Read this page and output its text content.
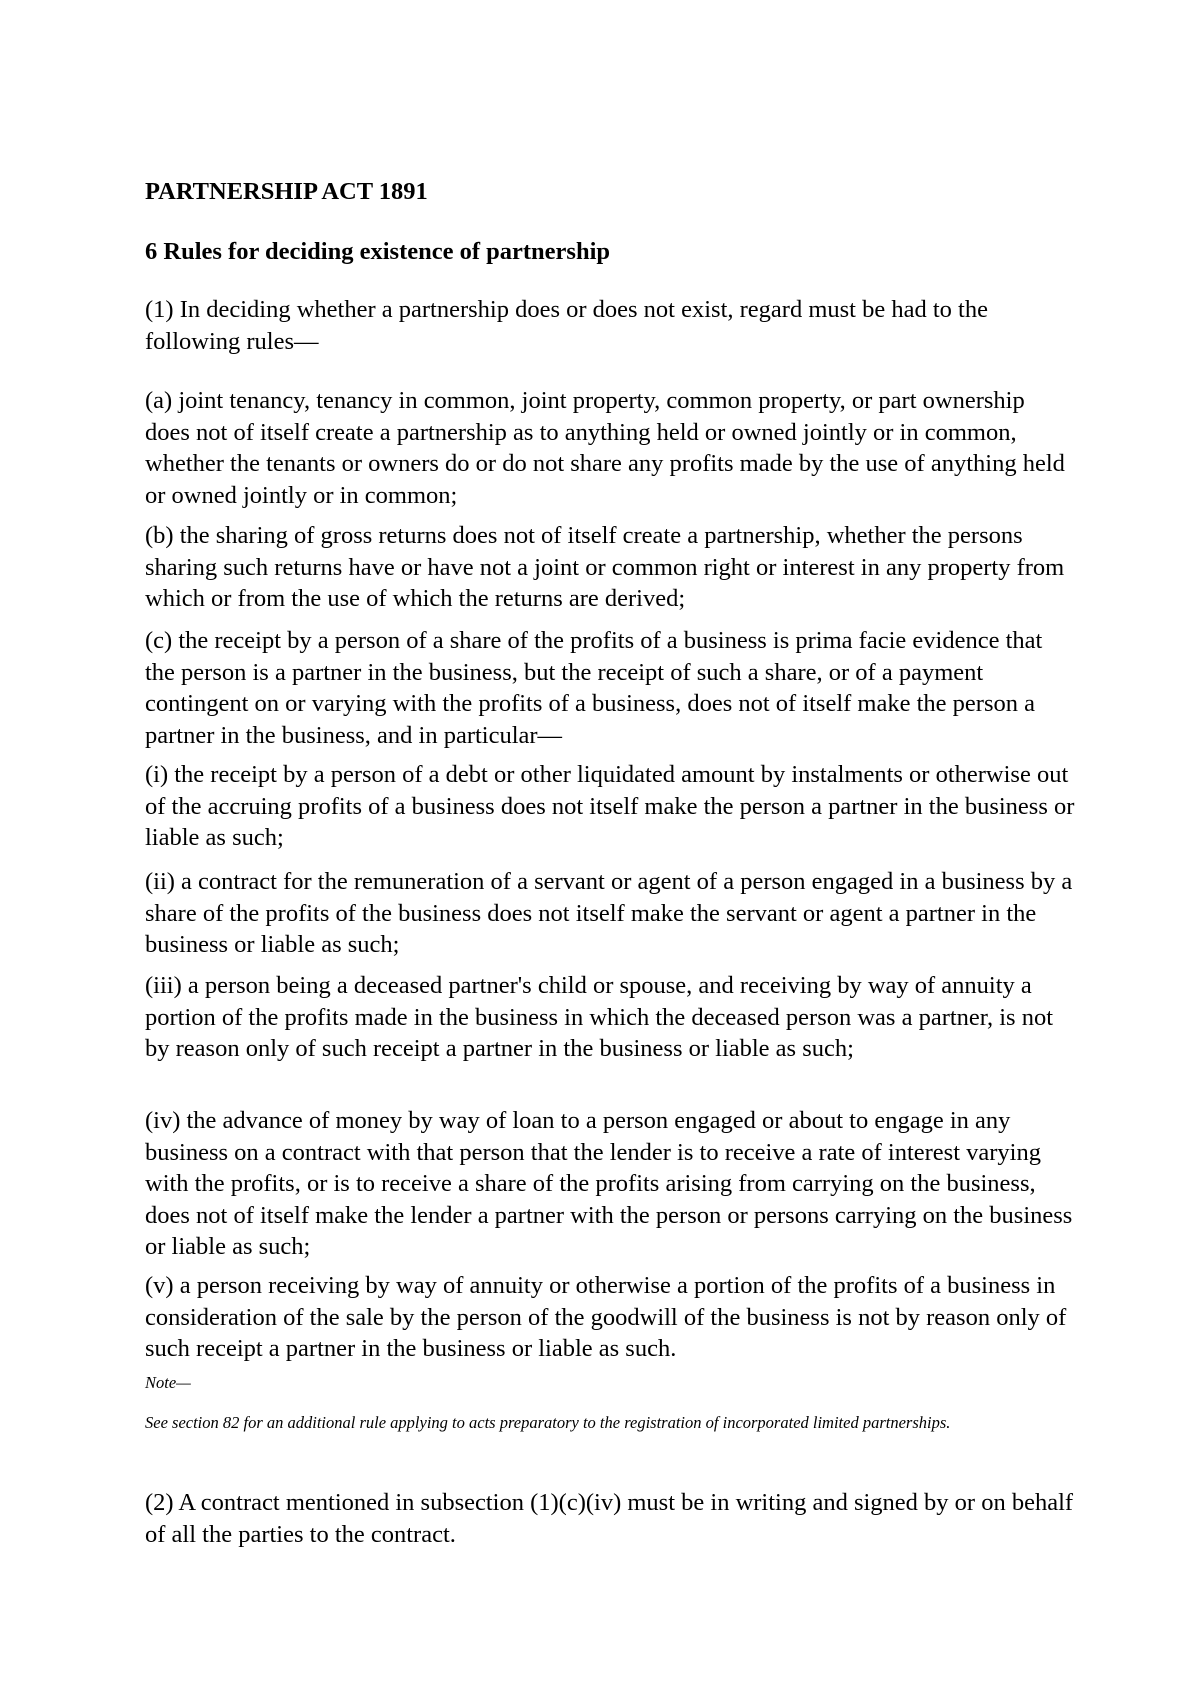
PARTNERSHIP ACT 1891

6 Rules for deciding existence of partnership

(1) In deciding whether a partnership does or does not exist, regard must be had to the following rules—

(a) joint tenancy, tenancy in common, joint property, common property, or part ownership does not of itself create a partnership as to anything held or owned jointly or in common, whether the tenants or owners do or do not share any profits made by the use of anything held or owned jointly or in common;

(b) the sharing of gross returns does not of itself create a partnership, whether the persons sharing such returns have or have not a joint or common right or interest in any property from which or from the use of which the returns are derived;

(c) the receipt by a person of a share of the profits of a business is prima facie evidence that the person is a partner in the business, but the receipt of such a share, or of a payment contingent on or varying with the profits of a business, does not of itself make the person a partner in the business, and in particular—

(i) the receipt by a person of a debt or other liquidated amount by instalments or otherwise out of the accruing profits of a business does not itself make the person a partner in the business or liable as such;

(ii) a contract for the remuneration of a servant or agent of a person engaged in a business by a share of the profits of the business does not itself make the servant or agent a partner in the business or liable as such;

(iii) a person being a deceased partner's child or spouse, and receiving by way of annuity a portion of the profits made in the business in which the deceased person was a partner, is not by reason only of such receipt a partner in the business or liable as such;

(iv) the advance of money by way of loan to a person engaged or about to engage in any business on a contract with that person that the lender is to receive a rate of interest varying with the profits, or is to receive a share of the profits arising from carrying on the business, does not of itself make the lender a partner with the person or persons carrying on the business or liable as such;

(v) a person receiving by way of annuity or otherwise a portion of the profits of a business in consideration of the sale by the person of the goodwill of the business is not by reason only of such receipt a partner in the business or liable as such.

Note—

See section 82 for an additional rule applying to acts preparatory to the registration of incorporated limited partnerships.

(2) A contract mentioned in subsection (1)(c)(iv) must be in writing and signed by or on behalf of all the parties to the contract.
